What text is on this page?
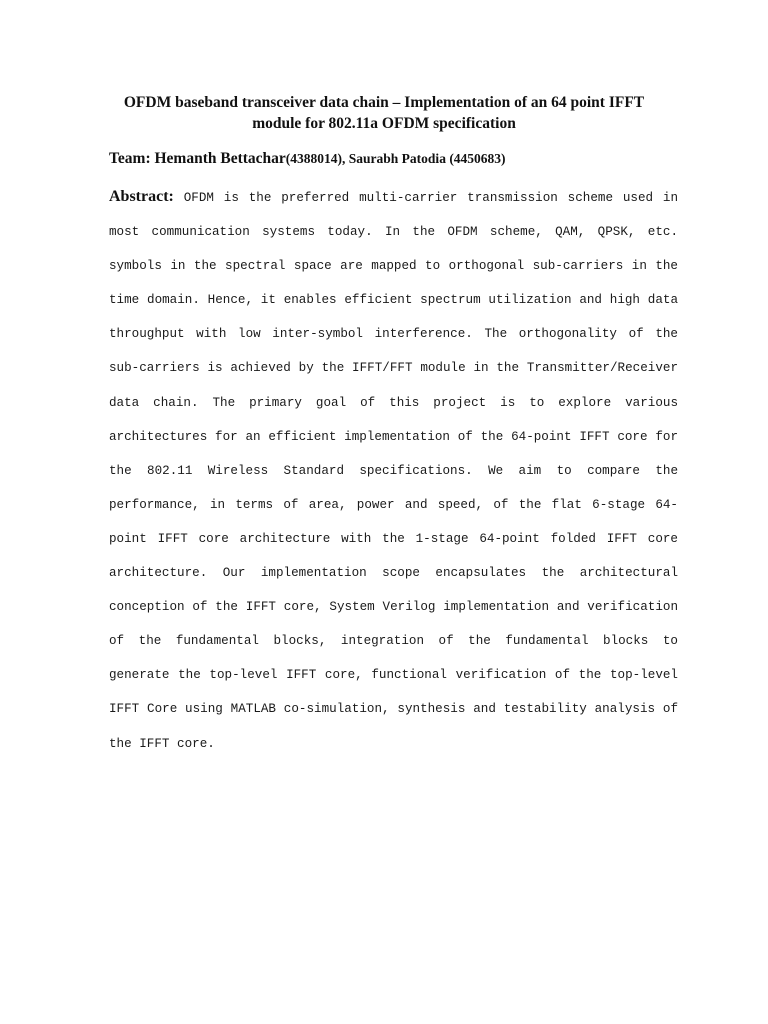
OFDM baseband transceiver data chain – Implementation of an 64 point IFFT
module for 802.11a OFDM specification

Team: Hemanth Bettachar(4388014), Saurabh Patodia (4450683)

Abstract: OFDM is the preferred multi-carrier transmission scheme used in most communication systems today. In the OFDM scheme, QAM, QPSK, etc. symbols in the spectral space are mapped to orthogonal sub-carriers in the time domain. Hence, it enables efficient spectrum utilization and high data throughput with low inter-symbol interference. The orthogonality of the sub-carriers is achieved by the IFFT/FFT module in the Transmitter/Receiver data chain. The primary goal of this project is to explore various architectures for an efficient implementation of the 64-point IFFT core for the 802.11 Wireless Standard specifications. We aim to compare the performance, in terms of area, power and speed, of the flat 6-stage 64-point IFFT core architecture with the 1-stage 64-point folded IFFT core architecture. Our implementation scope encapsulates the architectural conception of the IFFT core, System Verilog implementation and verification of the fundamental blocks, integration of the fundamental blocks to generate the top-level IFFT core, functional verification of the top-level IFFT Core using MATLAB co-simulation, synthesis and testability analysis of the IFFT core.
